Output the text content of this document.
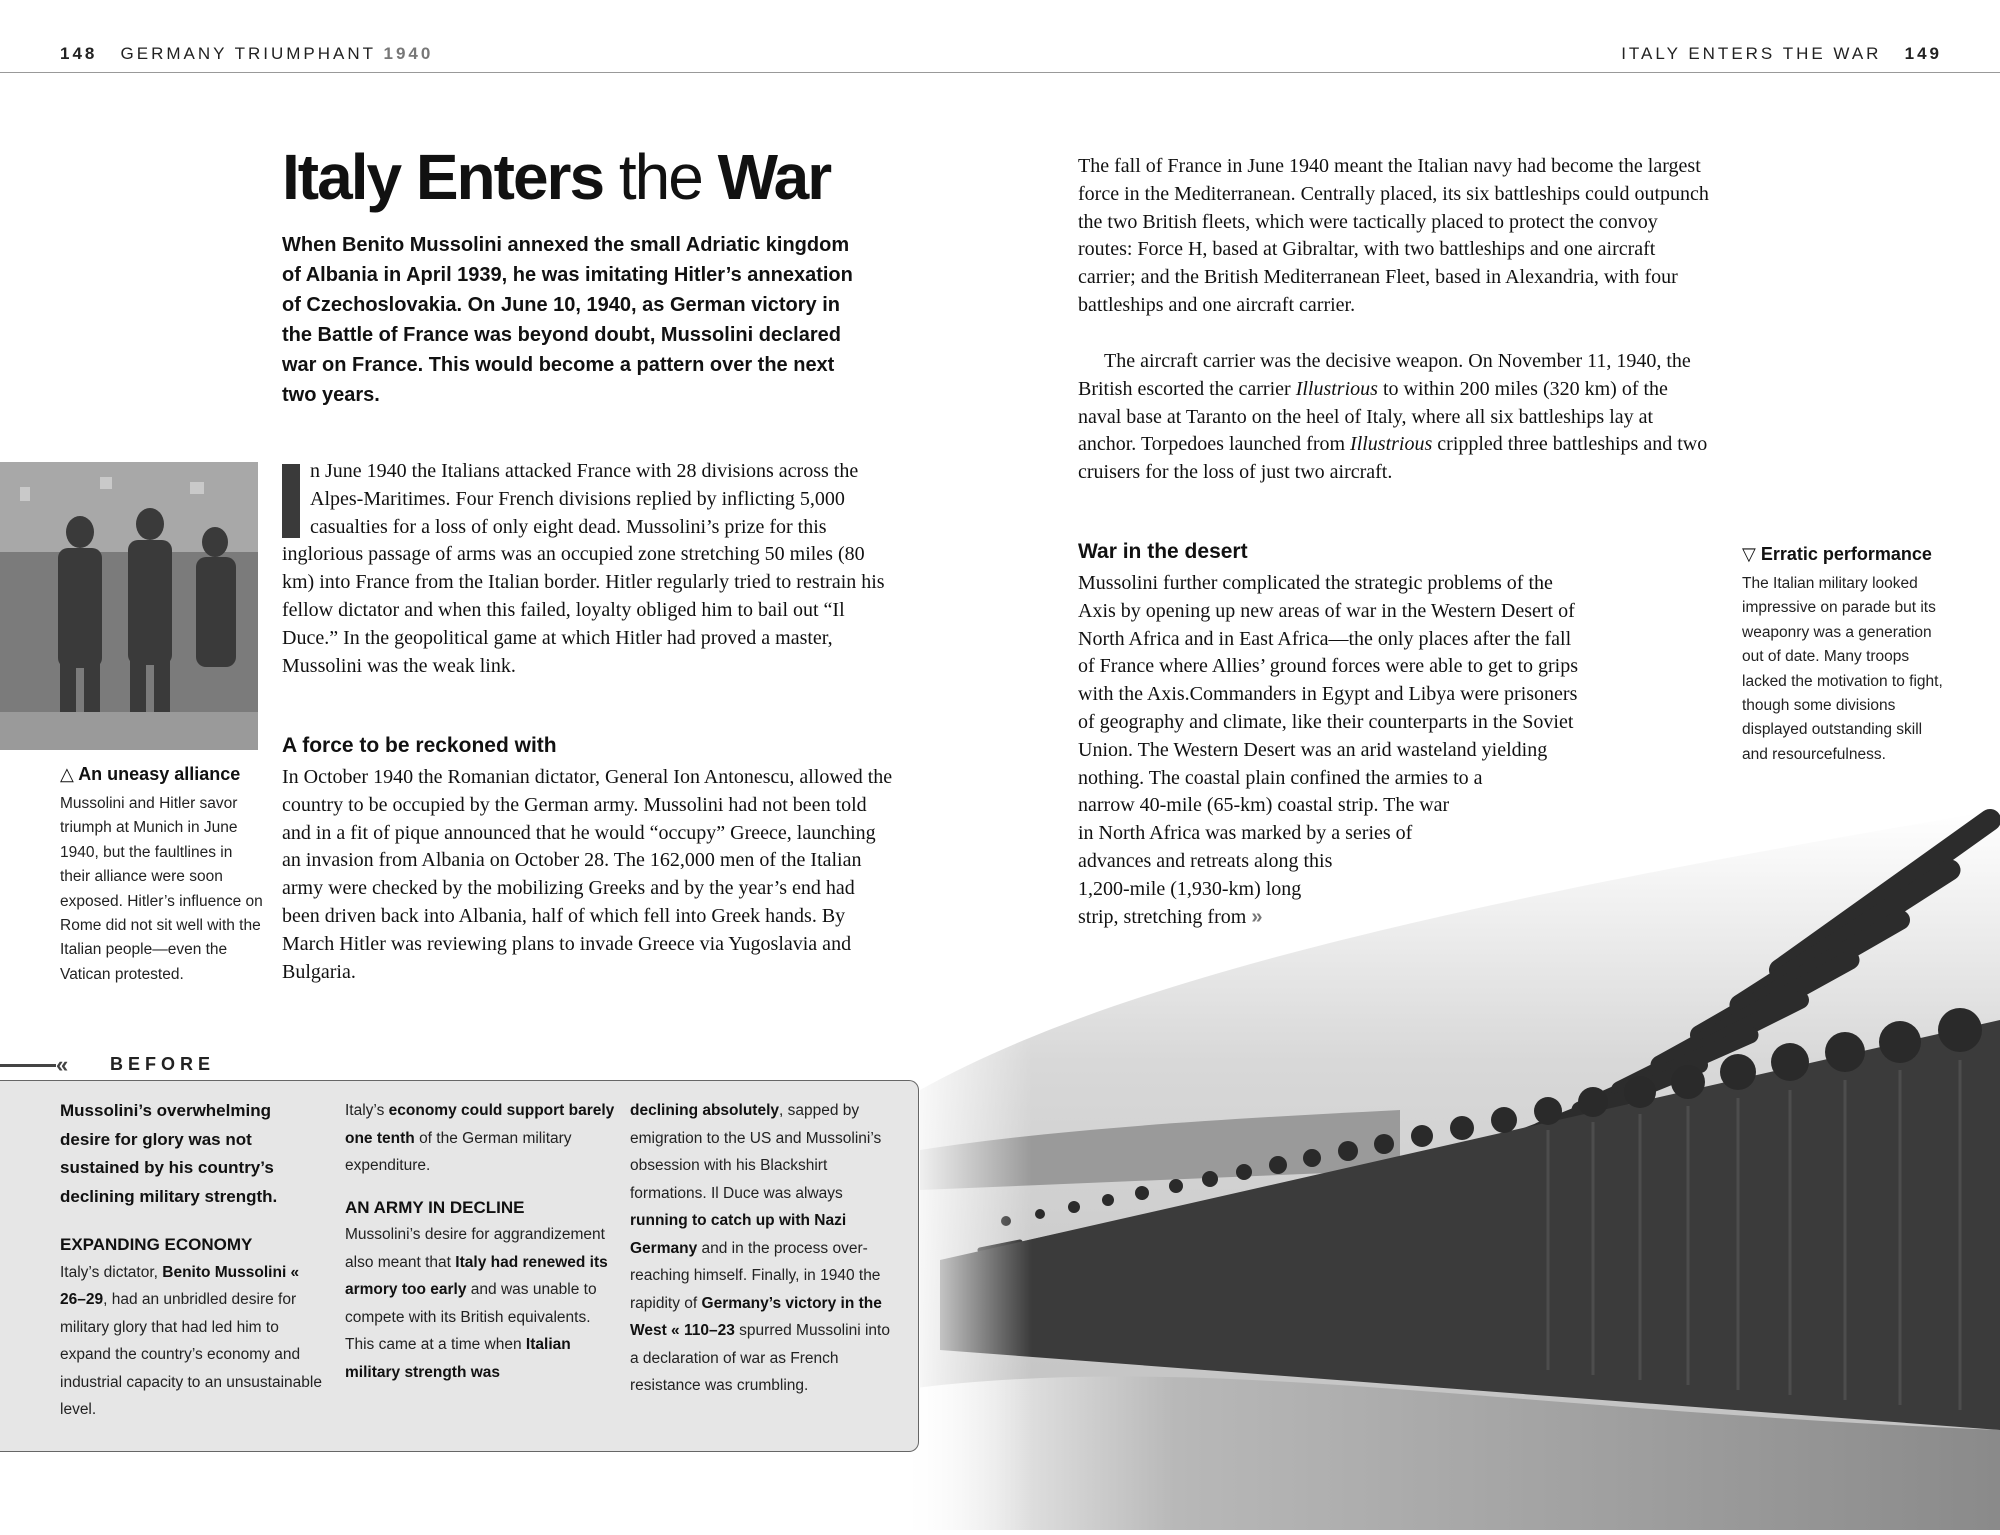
148 GERMANY TRIUMPHANT 1940	ITALY ENTERS THE WAR 149
Italy Enters the War

When Benito Mussolini annexed the small Adriatic kingdom of Albania in April 1939, he was imitating Hitler’s annexation of Czechoslovakia. On June 10, 1940, as German victory in the Battle of France was beyond doubt, Mussolini declared war on France. This would become a pattern over the next two years.

△ An uneasy alliance

Mussolini and Hitler savor triumph at Munich in June 1940, but the faultlines in their alliance were soon exposed. Hitler’s influence on Rome did not sit well with the Italian people—even the Vatican protested.

n June 1940 the Italians attacked France with 28 divisions across the Alpes-Maritimes. Four French divisions replied by inflicting 5,000 casualties for a loss of only eight dead. Mussolini’s prize for this inglorious passage of arms was an occupied zone stretching 50 miles (80 km) into France from the Italian border. Hitler regularly tried to restrain his fellow dictator and when this failed, loyalty obliged him to bail out “Il Duce.” In the geopolitical game at which Hitler had proved a master, Mussolini was the weak link.
A force to be reckoned with

In October 1940 the Romanian dictator, General Ion Antonescu, allowed the country to be occupied by the German army. Mussolini had not been told and in a fit of pique announced that he would “occupy” Greece, launching an invasion from Albania on October 28. The 162,000 men of the Italian army were checked by the mobilizing Greeks and by the year’s end had been driven back into Albania, half of which fell into Greek hands. By March Hitler was reviewing plans to invade Greece via Yugoslavia and Bulgaria.

The fall of France in June 1940 meant the Italian navy had become the largest force in the Mediterranean. Centrally placed, its six battleships could outpunch the two British fleets, which were tactically placed to protect the convoy routes: Force H, based at Gibraltar, with two battleships and one aircraft carrier; and the British Mediterranean Fleet, based in Alexandria, with four battleships and one aircraft carrier.

The aircraft carrier was the decisive weapon. On November 11, 1940, the British escorted the carrier Illustrious to within 200 miles (320 km) of the naval base at Taranto on the heel of Italy, where all six battleships lay at anchor. Torpedoes launched from Illustrious crippled three battleships and two cruisers for the loss of just two aircraft.

War in the desert
Mussolini further complicated the strategic problems of the
Axis by opening up new areas of war in the Western Desert of
North Africa and in East Africa—the only places after the fall
of France where Allies’ ground forces were able to get to grips
with the Axis.Commanders in Egypt and Libya were prisoners
of geography and climate, like their counterparts in the Soviet
Union. The Western Desert was an arid wasteland yielding
nothing. The coastal plain confined the armies to a

▽ Erratic performance

The Italian military looked impressive on parade but its weaponry was a generation out of date. Many troops lacked the motivation to fight, though some divisions displayed outstanding skill and resourcefulness.

« BEFORE
Mussolini’s overwhelming desire for glory was not sustained by his country’s declining military strength.
EXPANDING ECONOMY
Italy’s dictator, Benito Mussolini « 26–29, had an unbridled desire for military glory that had led him to expand the country’s economy and industrial capacity to an unsustainable level.
Italy’s economy could support barely one tenth of the German military expenditure.
AN ARMY IN DECLINE
Mussolini’s desire for aggrandizement also meant that Italy had renewed its armory too early and was unable to compete with its British equivalents. This came at a time when Italian military strength was
declining absolutely, sapped by emigration to the US and Mussolini’s obsession with his Blackshirt formations. Il Duce was always running to catch up with Nazi Germany and in the process over-reaching himself. Finally, in 1940 the rapidity of Germany’s victory in the West « 110–23 spurred Mussolini into a declaration of war as French resistance was crumbling.
